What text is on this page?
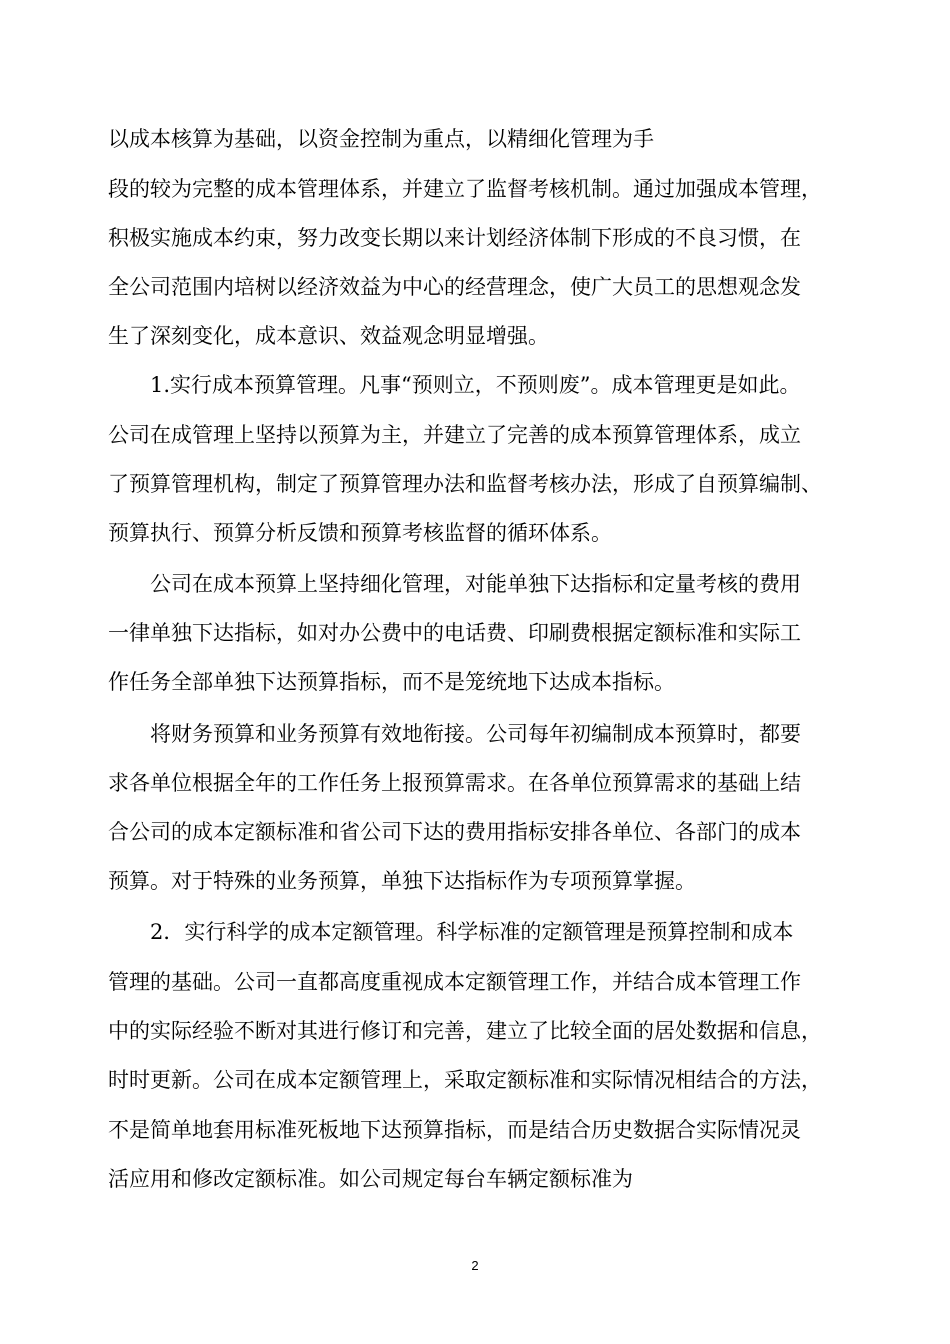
以成本核算为基础，以资金控制为重点，以精细化管理为手
段的较为完整的成本管理体系，并建立了监督考核机制。通过加强成本管理，
积极实施成本约束，努力改变长期以来计划经济体制下形成的不良习惯，在
全公司范围内培树以经济效益为中心的经营理念，使广大员工的思想观念发
生了深刻变化，成本意识、效益观念明显增强。
1.实行成本预算管理。凡事“预则立，不预则废”。成本管理更是如此。
公司在成管理上坚持以预算为主，并建立了完善的成本预算管理体系，成立
了预算管理机构，制定了预算管理办法和监督考核办法，形成了自预算编制、
预算执行、预算分析反馈和预算考核监督的循环体系。
公司在成本预算上坚持细化管理，对能单独下达指标和定量考核的费用
一律单独下达指标，如对办公费中的电话费、印刷费根据定额标准和实际工
作任务全部单独下达预算指标，而不是笼统地下达成本指标。
将财务预算和业务预算有效地衔接。公司每年初编制成本预算时，都要
求各单位根据全年的工作任务上报预算需求。在各单位预算需求的基础上结
合公司的成本定额标准和省公司下达的费用指标安排各单位、各部门的成本
预算。对于特殊的业务预算，单独下达指标作为专项预算掌握。
2．实行科学的成本定额管理。科学标准的定额管理是预算控制和成本
管理的基础。公司一直都高度重视成本定额管理工作，并结合成本管理工作
中的实际经验不断对其进行修订和完善，建立了比较全面的居处数据和信息，
时时更新。公司在成本定额管理上，采取定额标准和实际情况相结合的方法，
不是简单地套用标准死板地下达预算指标，而是结合历史数据合实际情况灵
活应用和修改定额标准。如公司规定每台车辆定额标准为
2
